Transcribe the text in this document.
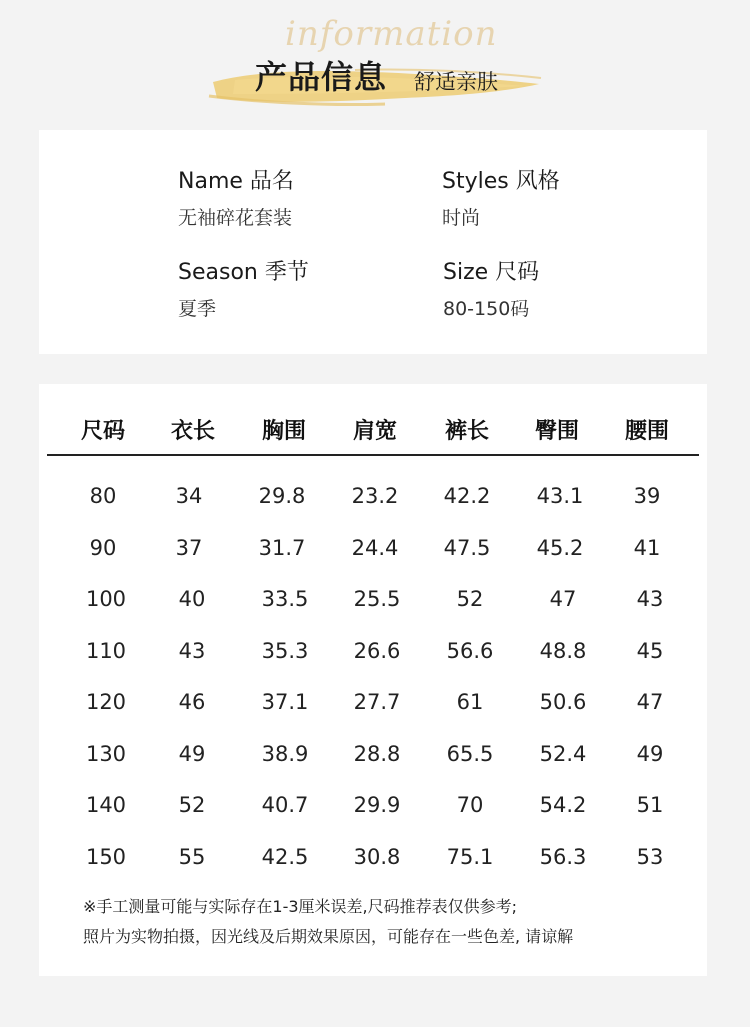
information
产品信息 舒适亲肤
Name 品名
无袖碎花套装
Styles 风格
时尚
Season 季节
夏季
Size 尺码
80-150码
尺码	衣长	胸围	肩宽	裤长	臀围	腰围
80	34	29.8	23.2	42.2	43.1	39
90	37	31.7	24.4	47.5	45.2	41
100	40	33.5	25.5	52	47	43
110	43	35.3	26.6	56.6	48.8	45
120	46	37.1	27.7	61	50.6	47
130	49	38.9	28.8	65.5	52.4	49
140	52	40.7	29.9	70	54.2	51
150	55	42.5	30.8	75.1	56.3	53
※手工测量可能与实际存在1-3厘米误差,尺码推荐表仅供参考;
照片为实物拍摄，因光线及后期效果原因，可能存在一些色差, 请谅解
